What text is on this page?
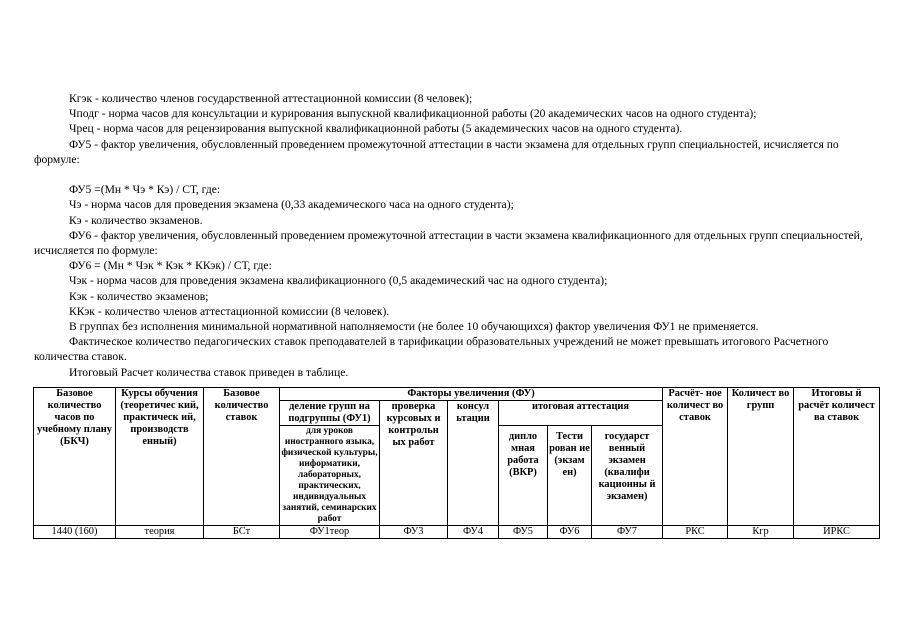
Кгэк - количество членов государственной аттестационной комиссии (8 человек);

Чподг - норма часов для консультации и курирования выпускной квалификационной работы (20 академических часов на одного студента);

Чрец - норма часов для рецензирования выпускной квалификационной работы (5 академических часов на одного студента).

ФУ5 - фактор увеличения, обусловленный проведением промежуточной аттестации в части экзамена для отдельных групп специальностей, исчисляется по формуле:

ФУ5 =(Мн * Чэ * Кэ) / СТ, где:

Чэ - норма часов для проведения экзамена (0,33 академического часа на одного студента);

Кэ - количество экзаменов.

ФУ6 - фактор увеличения, обусловленный проведением промежуточной аттестации в части экзамена квалификационного для отдельных групп специальностей, исчисляется по формуле:

ФУ6 = (Мн * Чэк * Кэк * ККэк) / СТ, где:

Чэк - норма часов для проведения экзамена квалификационного (0,5 академический час на одного студента);

Кэк - количество экзаменов;

ККэк - количество членов аттестационной комиссии (8 человек).

В группах без исполнения минимальной нормативной наполняемости (не более 10 обучающихся) фактор увеличения ФУ1 не применяется.

Фактическое количество педагогических ставок преподавателей в тарификации образовательных учреждений не может превышать итогового Расчетного количества ставок.

Итоговый Расчет количества ставок приведен в таблице.

Базовое количество часов по учебному плану (БКЧ)	Курсы обучения (теоретичес кий, практическ ий, производств енный)	Базовое количество ставок	Факторы увеличения (ФУ)						Расчёт- ное количест во ставок	Количест во групп	Итоговы й расчёт количест ва ставок
			деление групп на подгруппы (ФУ1)	проверка курсовых и контрольн ых работ	консул ьтации	итоговая аттестация					
			для уроков иностранного языка, физической культуры, информатики, лабораторных, практических, индивидуальных занятий, семинарских работ			дипло мная работа (ВКР)	Тести рован ие (экзам ен)	государст венный экзамен (квалифи кационны й экзамен)			
1440 (160)	теория	БСт	ФУ1теор	ФУ3	ФУ4	ФУ5	ФУ6	ФУ7	РКС	Кгр	ИРКС
